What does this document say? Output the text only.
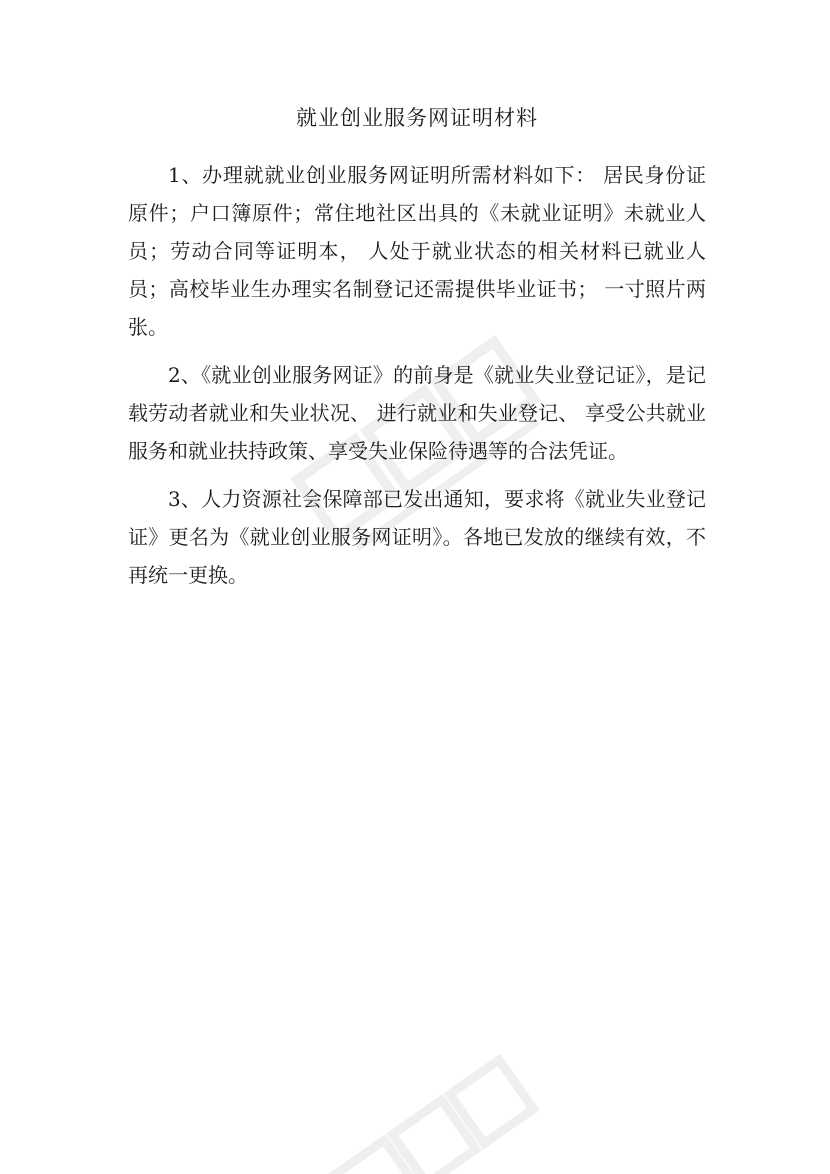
就业创业服务网证明材料

1、办理就就业创业服务网证明所需材料如下： 居民身份证原件；户口簿原件；常住地社区出具的《未就业证明》未就业人员；劳动合同等证明本， 人处于就业状态的相关材料已就业人员；高校毕业生办理实名制登记还需提供毕业证书； 一寸照片两张。

2、《就业创业服务网证》的前身是《就业失业登记证》，是记载劳动者就业和失业状况、 进行就业和失业登记、 享受公共就业服务和就业扶持政策、享受失业保险待遇等的合法凭证。

3、人力资源社会保障部已发出通知，要求将《就业失业登记证》更名为《就业创业服务网证明》。各地已发放的继续有效，不再统一更换。
